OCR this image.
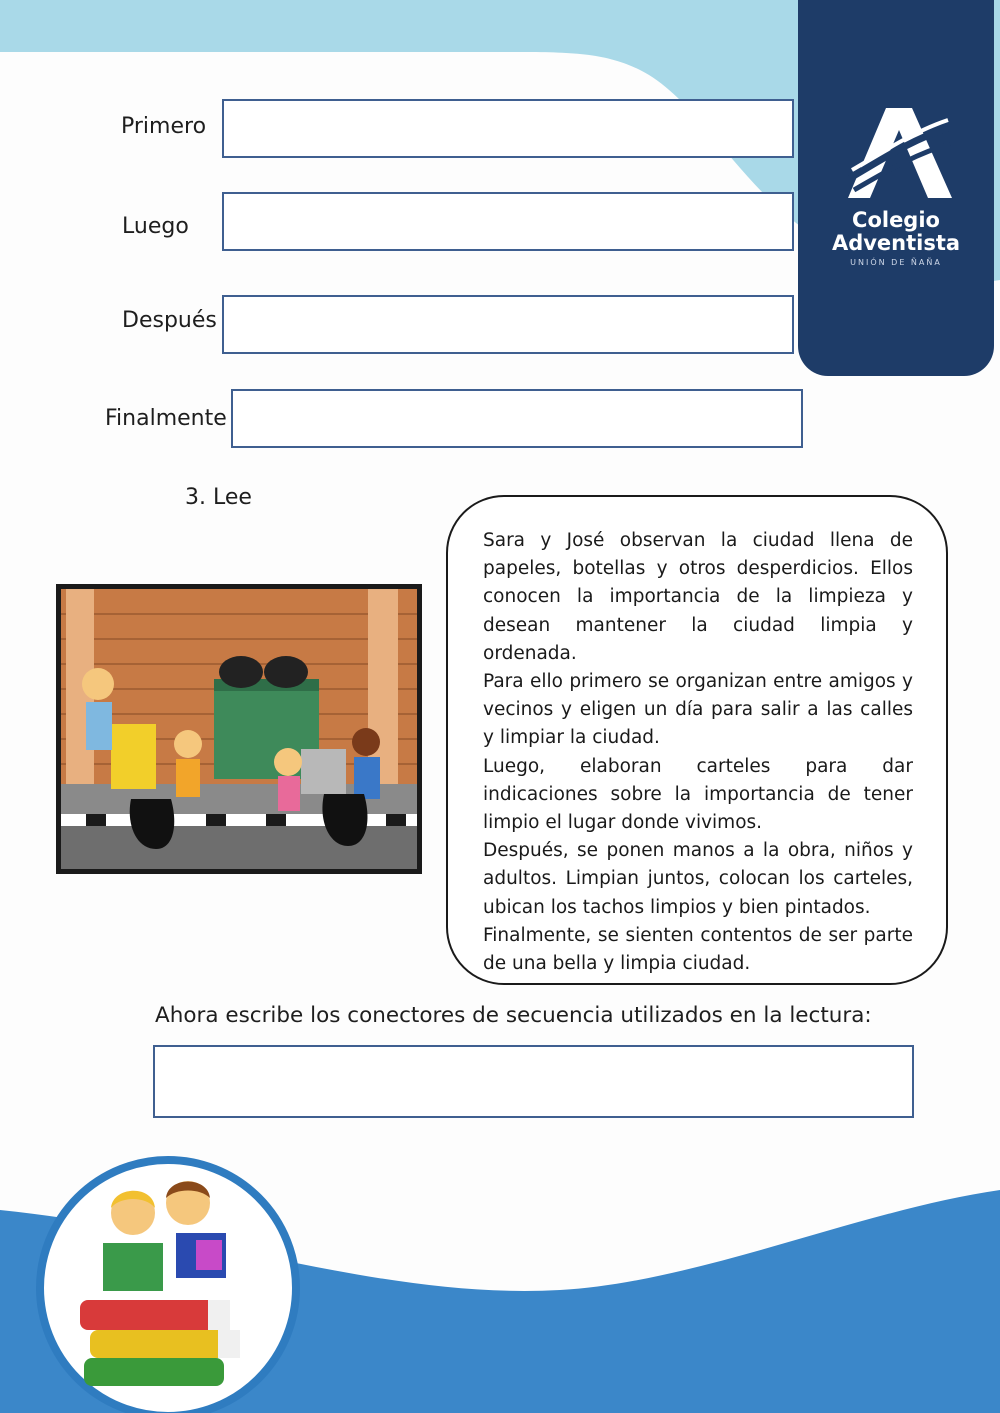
Colegio
Adventista
UNIÓN DE ÑAÑA
Primero
Luego
Después
Finalmente
3. Lee

Sara y José observan la ciudad llena de papeles, botellas y otros desperdicios. Ellos conocen la importancia de la limpieza y desean mantener la ciudad limpia y ordenada.

Para ello primero se organizan entre amigos y vecinos y eligen un día para salir a las calles y limpiar la ciudad.

Luego, elaboran carteles para dar indicaciones sobre la importancia de tener limpio el lugar donde vivimos.

Después, se ponen manos a la obra, niños y adultos. Limpian juntos, colocan los carteles, ubican los tachos limpios y bien pintados.

Finalmente, se sienten contentos de ser parte de una bella y limpia ciudad.

Ahora escribe los conectores de secuencia utilizados en la lectura:
